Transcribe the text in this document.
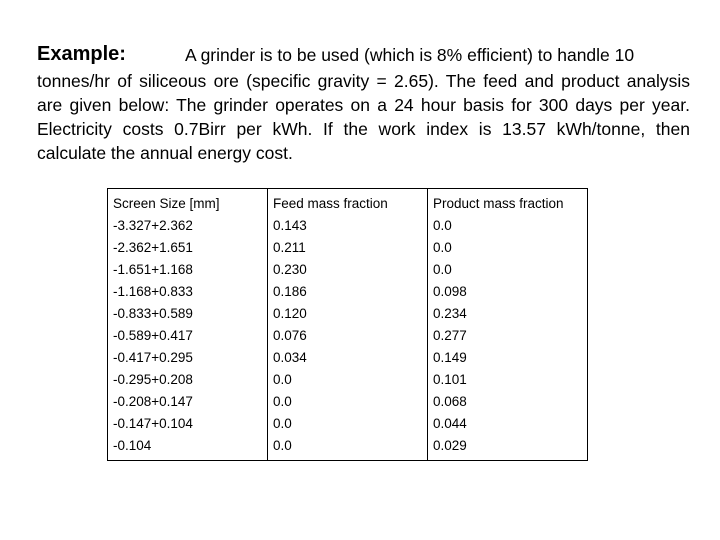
Example:	A grinder is to be used (which is 8% efficient) to handle 10

tonnes/hr of siliceous ore (specific gravity = 2.65). The feed and product analysis are given below: The grinder operates on a 24 hour basis for 300 days per year. Electricity costs 0.7Birr per kWh. If the work index is 13.57 kWh/tonne, then calculate the annual energy cost.

Screen Size [mm]	Feed mass fraction	Product mass fraction
-3.327+2.362	0.143	0.0
-2.362+1.651	0.211	0.0
-1.651+1.168	0.230	0.0
-1.168+0.833	0.186	0.098
-0.833+0.589	0.120	0.234
-0.589+0.417	0.076	0.277
-0.417+0.295	0.034	0.149
-0.295+0.208	0.0	0.101
-0.208+0.147	0.0	0.068
-0.147+0.104	0.0	0.044
-0.104	0.0	0.029
